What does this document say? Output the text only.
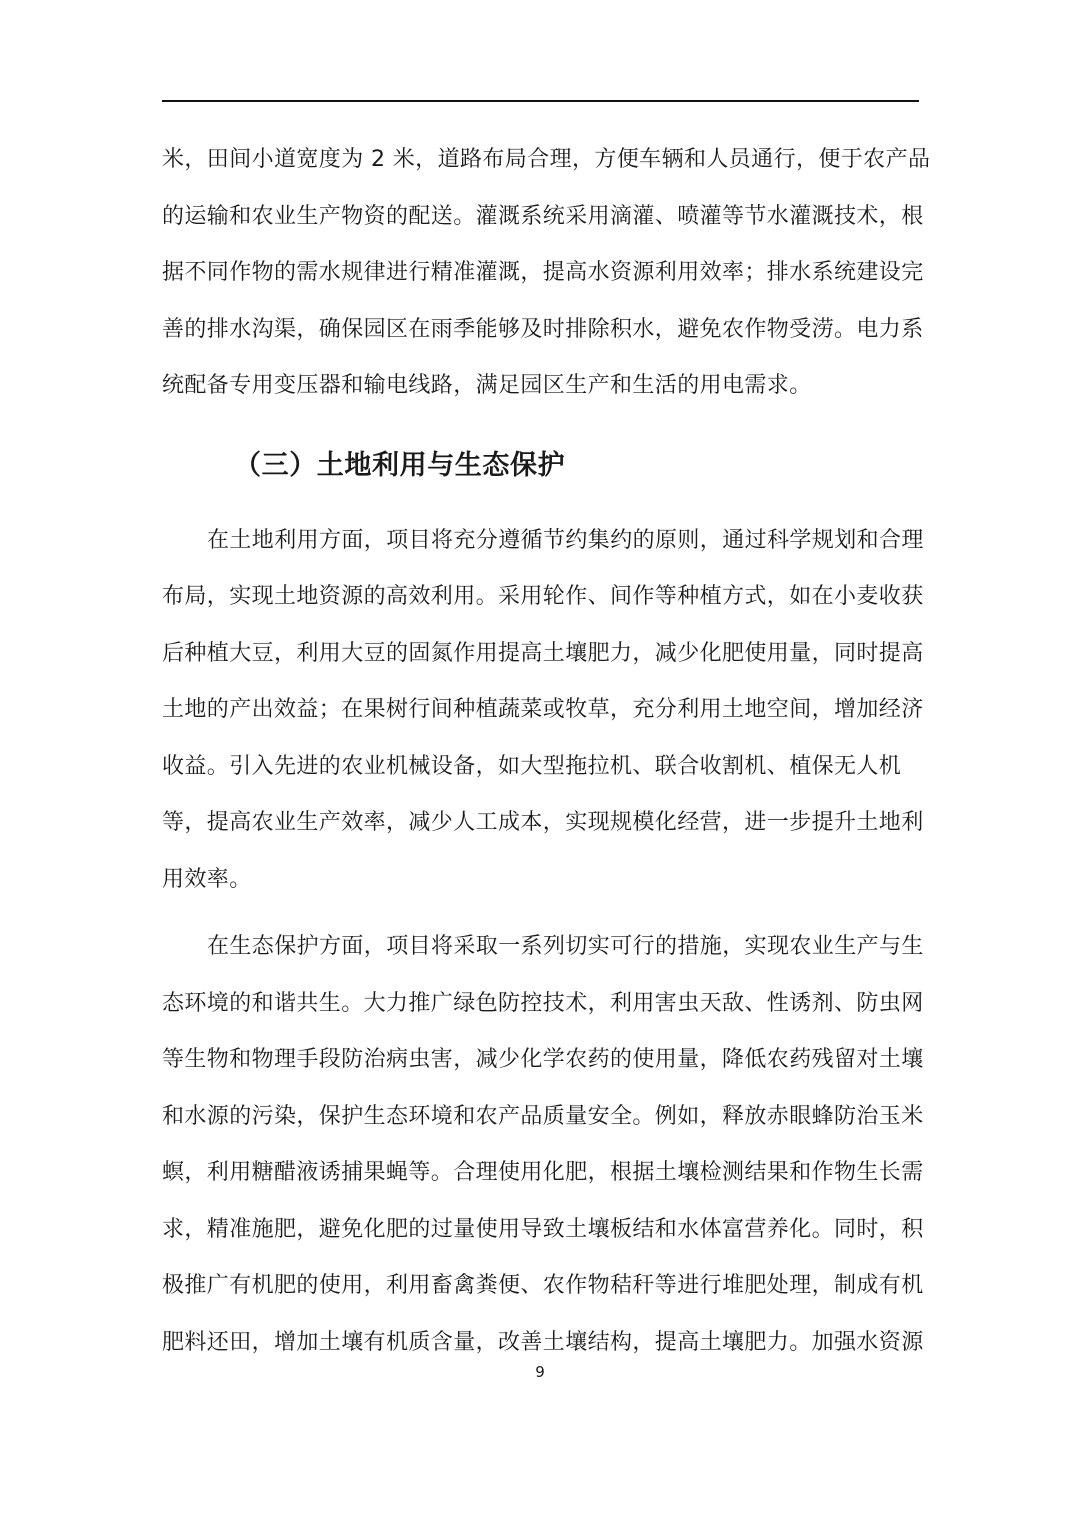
米，田间小道宽度为 2 米，道路布局合理，方便车辆和人员通行，便于农产品
的运输和农业生产物资的配送。灌溉系统采用滴灌、喷灌等节水灌溉技术，根
据不同作物的需水规律进行精准灌溉，提高水资源利用效率；排水系统建设完
善的排水沟渠，确保园区在雨季能够及时排除积水，避免农作物受涝。电力系
统配备专用变压器和输电线路，满足园区生产和生活的用电需求。
（三）土地利用与生态保护
在土地利用方面，项目将充分遵循节约集约的原则，通过科学规划和合理
布局，实现土地资源的高效利用。采用轮作、间作等种植方式，如在小麦收获
后种植大豆，利用大豆的固氮作用提高土壤肥力，减少化肥使用量，同时提高
土地的产出效益；在果树行间种植蔬菜或牧草，充分利用土地空间，增加经济
收益。引入先进的农业机械设备，如大型拖拉机、联合收割机、植保无人机
等，提高农业生产效率，减少人工成本，实现规模化经营，进一步提升土地利
用效率。
在生态保护方面，项目将采取一系列切实可行的措施，实现农业生产与生
态环境的和谐共生。大力推广绿色防控技术，利用害虫天敌、性诱剂、防虫网
等生物和物理手段防治病虫害，减少化学农药的使用量，降低农药残留对土壤
和水源的污染，保护生态环境和农产品质量安全。例如，释放赤眼蜂防治玉米
螟，利用糖醋液诱捕果蝇等。合理使用化肥，根据土壤检测结果和作物生长需
求，精准施肥，避免化肥的过量使用导致土壤板结和水体富营养化。同时，积
极推广有机肥的使用，利用畜禽粪便、农作物秸秆等进行堆肥处理，制成有机
肥料还田，增加土壤有机质含量，改善土壤结构，提高土壤肥力。加强水资源
9
